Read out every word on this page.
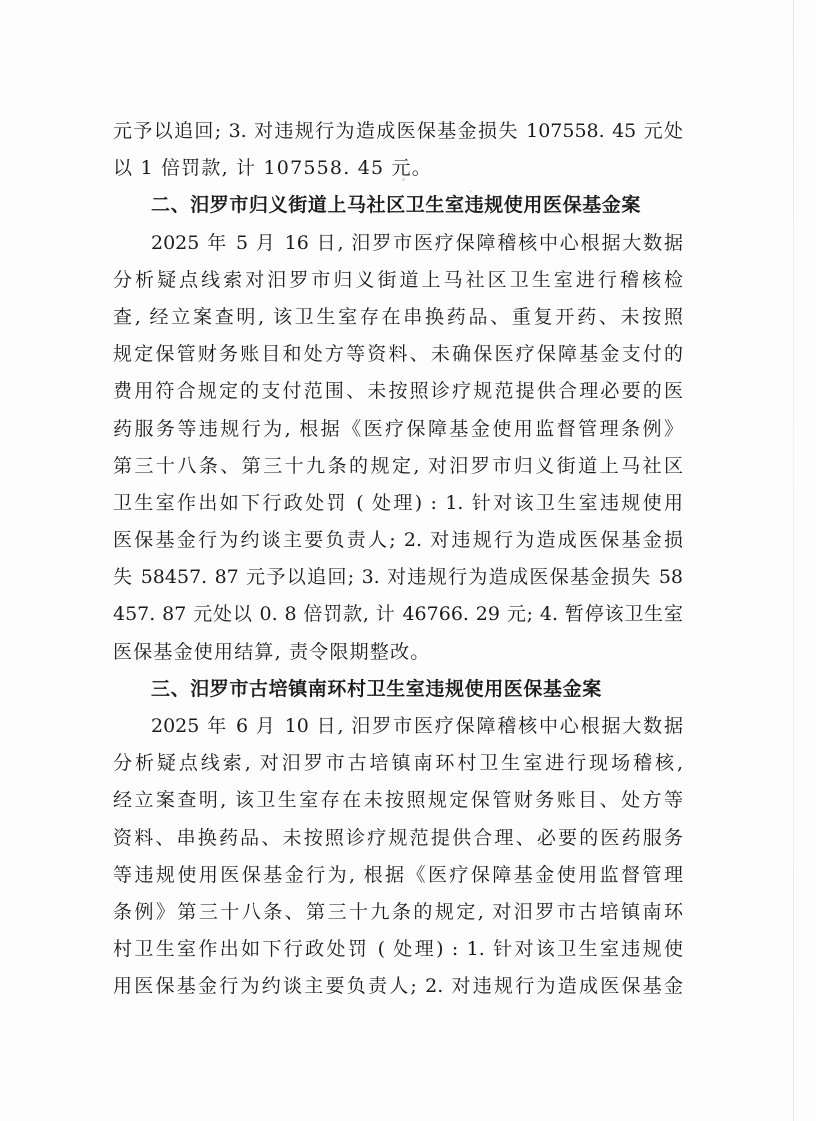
元予以追回; 3. 对违规行为造成医保基金损失 107558. 45 元处
以 1 倍罚款, 计 107558. 45 元。
二、汨罗市归义街道上马社区卫生室违规使用医保基金案
2025 年 5 月 16 日, 汨罗市医疗保障稽核中心根据大数据
分析疑点线索对汨罗市归义街道上马社区卫生室进行稽核检
查, 经立案查明, 该卫生室存在串换药品、重复开药、未按照
规定保管财务账目和处方等资料、未确保医疗保障基金支付的
费用符合规定的支付范围、未按照诊疗规范提供合理必要的医
药服务等违规行为, 根据《医疗保障基金使用监督管理条例》
第三十八条、第三十九条的规定, 对汨罗市归义街道上马社区
卫生室作出如下行政处罚 ( 处理) : 1. 针对该卫生室违规使用
医保基金行为约谈主要负责人; 2. 对违规行为造成医保基金损
失 58457. 87 元予以追回; 3. 对违规行为造成医保基金损失 58
457. 87 元处以 0. 8 倍罚款, 计 46766. 29 元; 4. 暂停该卫生室
医保基金使用结算, 责令限期整改。
三、汨罗市古培镇南环村卫生室违规使用医保基金案
2025 年 6 月 10 日, 汨罗市医疗保障稽核中心根据大数据
分析疑点线索, 对汨罗市古培镇南环村卫生室进行现场稽核,
经立案查明, 该卫生室存在未按照规定保管财务账目、处方等
资料、串换药品、未按照诊疗规范提供合理、必要的医药服务
等违规使用医保基金行为, 根据《医疗保障基金使用监督管理
条例》第三十八条、第三十九条的规定, 对汨罗市古培镇南环
村卫生室作出如下行政处罚 ( 处理) : 1. 针对该卫生室违规使
用医保基金行为约谈主要负责人; 2. 对违规行为造成医保基金
